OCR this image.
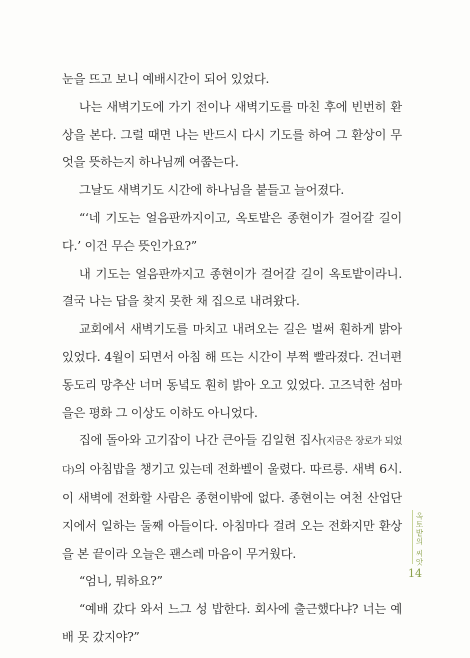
눈을 뜨고 보니 예배시간이 되어 있었다.

나는 새벽기도에 가기 전이나 새벽기도를 마친 후에 빈번히 환상을 본다. 그럴 때면 나는 반드시 다시 기도를 하여 그 환상이 무엇을 뜻하는지 하나님께 여쭙는다.

그날도 새벽기도 시간에 하나님을 붙들고 늘어졌다.

“‘네 기도는 얼음판까지이고, 옥토밭은 종현이가 걸어갈 길이다.’ 이건 무슨 뜻인가요?”

내 기도는 얼음판까지고 종현이가 걸어갈 길이 옥토밭이라니. 결국 나는 답을 찾지 못한 채 집으로 내려왔다.

교회에서 새벽기도를 마치고 내려오는 길은 벌써 훤하게 밝아있었다. 4월이 되면서 아침 해 뜨는 시간이 부쩍 빨라졌다. 건너편 동도리 망추산 너머 동녘도 훤히 밝아 오고 있었다. 고즈넉한 섬마을은 평화 그 이상도 이하도 아니었다.

집에 돌아와 고기잡이 나간 큰아들 김일현 집사(지금은 장로가 되었다)의 아침밥을 챙기고 있는데 전화벨이 울렸다. 따르릉. 새벽 6시. 이 새벽에 전화할 사람은 종현이밖에 없다. 종현이는 여천 산업단지에서 일하는 둘째 아들이다. 아침마다 걸려 오는 전화지만 환상을 본 끝이라 오늘은 괜스레 마음이 무거웠다.

“엄니, 뭐하요?”

“예배 갔다 와서 느그 성 밥한다. 회사에 출근했다냐? 너는 예배 못 갔지야?”

옥토밭의 씨앗
14
